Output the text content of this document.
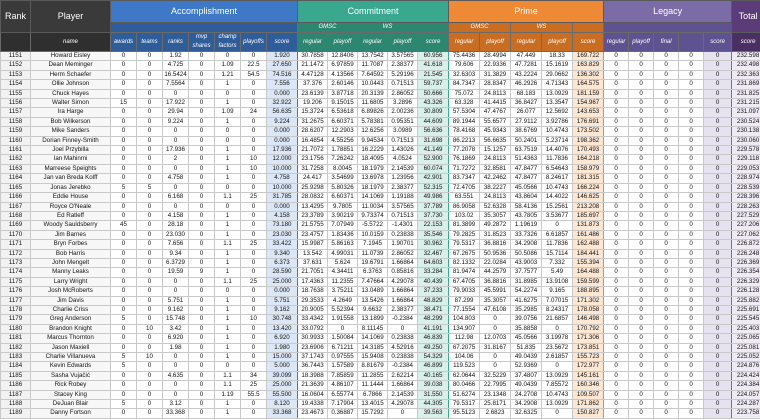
Rank	Player	Accomplishment							Commitment					Prime					Legacy					Total
									GMSC		WS			GMSC		WS								
	name	awards	teams	ranks	mvp shares	champ factors	playoffs	score	regular	playoff	regular	playoff	score	regular	playoff	regular	playoff	score	regular	playoff	final		score	score
1151	Howard Eisley	0	0	1.92	0	0	0	1.920	30.7858	12.8406	13.7542	3.57565	60.956	75.4436	28.4994	47.449	18.33	169.722	0	0	0	0	0	232.598
1152	Dean Meminger	0	0	4.725	0	1.09	22.5	27.650	21.1472	6.97859	11.7087	2.38377	41.618	79.606	22.9336	47.7281	15.1619	163.829	0	0	0	0	0	232.498
1153	Herm Schaefer	0	0	16.5424	0	1.21	54.5	74.516	4.47128	4.13566	7.64592	5.29196	21.545	32.6303	31.3829	43.2224	29.0662	136.302	0	0	0	0	0	232.363
1154	Ollie Johnson	0	0	7.5564	0	1	0	7.556	37.376	2.60146	10.0443	0.71513	59.737	84.7347	28.8347	46.2926	4.71343	164.575	0	0	0	0	0	231.869
1155	Chuck Hayes	0	0	0	0	0	0	0.000	23.6139	3.87718	20.3139	2.86052	50.666	75.072	24.8113	68.183	13.0929	181.159	0	0	0	0	0	231.825
1156	Walter Simon	15	0	17.922	0	1	0	32.922	19.206	9.15015	11.6805	3.2896	43.326	63.328	41.4415	36.8427	13.3547	154.967	0	0	0	0	0	231.215
1157	Ira Harge	0	0	29.94	0	1.09	24	56.635	15.3724	6.53618	6.89826	2.00236	30.809	57.5304	47.4767	26.077	12.5692	143.653	0	0	0	0	0	231.097
1158	Bob Wilkerson	0	0	9.224	0	1	0	9.224	31.2675	6.60371	5.78381	0.95351	44.609	89.1944	55.6577	27.9112	3.92786	176.691	0	0	0	0	0	230.524
1159	Mike Sanders	0	0	0	0	0	0	0.000	28.6207	12.2903	12.6256	3.0989	56.636	78.4168	45.9343	38.6769	10.4743	173.502	0	0	0	0	0	230.138
1160	Dorian Finney-Smith	0	0	0	0	0	0	0.000	16.4854	4.55256	9.94534	0.71513	31.698	86.2213	56.6635	50.2401	5.23714	198.362	0	0	0	0	0	230.060
1161	Joel Przybilla	0	0	17.936	0	1	0	17.936	21.7072	1.78851	16.2229	1.43026	41.149	77.2078	15.1257	63.7519	14.4076	170.493	0	0	0	0	0	229.578
1162	Ian Mahinmi	0	0	2	0	1	10	12.000	23.1756	7.26242	18.4095	4.0524	52.900	76.1869	24.8113	51.4363	11.7836	164.218	0	0	0	0	0	229.118
1163	Marreese Speights	0	0	0	0	1	10	10.000	31.7258	8.0045	18.1979	2.14539	60.074	71.7272	32.8581	47.8477	6.54643	158.979	0	0	0	0	0	229.053
1164	Jan van Breda Kolff	0	0	4.758	0	1	0	4.758	24.417	3.54699	13.6978	1.23956	42.901	83.7347	42.2462	47.8477	8.24617	181.315	0	0	0	0	0	228.974
1165	Jonas Jerebko	5	5	0	0	0	0	10.000	25.9298	5.80326	18.1979	2.38377	52.315	72.4705	38.2227	45.0566	10.4743	166.224	0	0	0	0	0	228.539
1166	Eddie House	0	0	6.168	0	1.1	25	31.785	28.0832	6.60371	14.1069	1.19188	49.986	63.551	24.8113	43.8604	14.4022	146.625	0	0	0	0	0	228.396
1167	Royce O'Neale	0	0	0	0	0	0	0.000	13.4295	9.7805	11.0034	3.57565	37.789	86.9058	52.6328	58.4136	15.2561	213.208	0	0	0	0	0	228.263
1168	Ed Ratleff	0	0	4.158	0	1	0	4.158	23.3789	3.90219	9.73374	0.71513	37.730	103.02	35.3057	43.7805	3.53677	185.697	0	0	0	0	0	227.529
1169	Woody Sauldsberry	45	0	28.18	0	1	0	73.180	21.5755	7.07949	-5.5722	-1.4301	22.153	81.3899	49.2872	1.19619	0	131.873	0	0	0	0	0	227.206
1170	Jim Barnes	0	0	23.030	0	1	0	23.030	23.4757	1.83436	10.0159	0.23838	35.546	79.2825	31.8523	33.7326	6.61857	161.486	0	0	0	0	0	227.062
1171	Bryn Forbes	0	0	7.656	0	1.1	25	33.422	15.9987	5.86163	7.1945	1.90701	30.962	79.5317	36.8816	34.2908	11.7836	162.488	0	0	0	0	0	226.872
1172	Bob Harris	0	0	9.34	0	1	0	9.340	13.542	4.99031	11.0739	2.86052	32.467	67.2675	50.9536	50.5086	15.7114	184.441	0	0	0	0	0	226.248
1173	John Mengelt	0	0	6.3729	0	1	0	6.373	37.631	5.624	19.6791	1.66864	64.603	82.1332	22.0284	43.9003	7.332	155.394	0	0	0	0	0	226.369
1174	Manny Leaks	0	0	19.59	9	1	0	28.590	21.7051	4.34411	6.3763	0.85816	33.284	81.9474	44.2579	37.7577	5.49	164.488	0	0	0	0	0	226.354
1175	Larry Wright	0	0	0	0	1.1	25	25.000	17.4363	11.2355	7.47664	4.29078	40.439	67.4705	36.8816	31.8985	13.9108	159.599	0	0	0	0	0	226.329
1176	Josh McRoberts	0	0	0	0	0	0	0.000	18.7638	3.75211	13.0489	1.66864	37.233	79.9033	45.5991	54.2274	9.165	188.895	0	0	0	0	0	226.128
1177	Jim Davis	0	0	5.751	0	1	0	5.751	29.3533	4.2649	13.5426	1.66864	48.829	87.299	35.3057	41.6275	7.07015	171.302	0	0	0	0	0	225.882
1178	Charlie Criss	0	0	9.162	0	1	0	9.162	20.9005	5.52394	9.6632	2.38377	38.471	77.1554	47.6108	35.2985	8.24317	178.058	0	0	0	0	0	225.691
1179	Greg Anderson	5	0	15.748	0	1	10	30.748	33.4342	1.91558	13.1899	-0.2384	48.299	104.803	0	39.0756	21.6857	146.498	0	0	0	0	0	225.545
1180	Brandon Knight	0	10	3.42	0	1	0	13.420	33.0792	0	8.11145	0	41.191	134.907	0	35.8858	0	170.792	0	0	0	0	0	225.403
1181	Marcus Thornton	0	0	6.920	0	1	0	6.920	30.9933	1.50084	14.1069	0.23838	46.839	112.98	12.0703	45.0566	3.19978	171.306	0	0	0	0	0	225.065
1182	Jason Maxiell	0	0	1.98	0	1	0	1.980	23.6906	6.71211	14.3185	4.52916	49.250	67.2075	31.8167	51.835	23.5672	173.851	0	0	0	0	0	225.081
1183	Charlie Villanueva	5	10	0	0	1	0	15.000	37.1743	0.97555	15.9408	0.23838	54.329	104.06	0	49.0439	2.61857	155.723	0	0	0	0	0	225.052
1184	Kevin Edwards	5	0	0	0	0	0	5.000	36.7443	1.57589	8.81679	-0.2384	46.899	119.523	0	52.9369	0	172.977	0	0	0	0	0	224.876
1185	Sasha Vujačić	0	0	4.635	0	1.1	34	39.099	18.3988	7.85859	11.2855	2.62214	40.165	62.0644	32.5229	37.4807	13.0929	145.161	0	0	0	0	0	224.424
1186	Rick Robey	0	0	0	0	1.1	25	25.000	21.3639	4.86107	11.1444	1.66864	39.038	80.0466	22.7995	49.0439	7.85572	160.346	0	0	0	0	0	224.384
1187	Stacey King	0	0	0	0	1.19	55.5	55.500	16.0604	6.55774	6.7866	2.14539	31.550	51.6274	23.1348	24.2708	10.4743	109.507	0	0	0	0	0	224.057
1188	DeJuan Blair	5	0	3.12	0	1	0	8.120	19.4338	7.17904	13.4015	4.29078	44.305	79.5317	25.8171	34.2908	13.0929	171.862	0	0	0	0	0	224.287
1189	Danny Fortson	0	0	33.368	0	1	0	33.368	23.4673	0.36887	15.7292	0	39.563	95.5123	2.6823	32.6325	0	150.827	0	0	0	0	0	223.758
